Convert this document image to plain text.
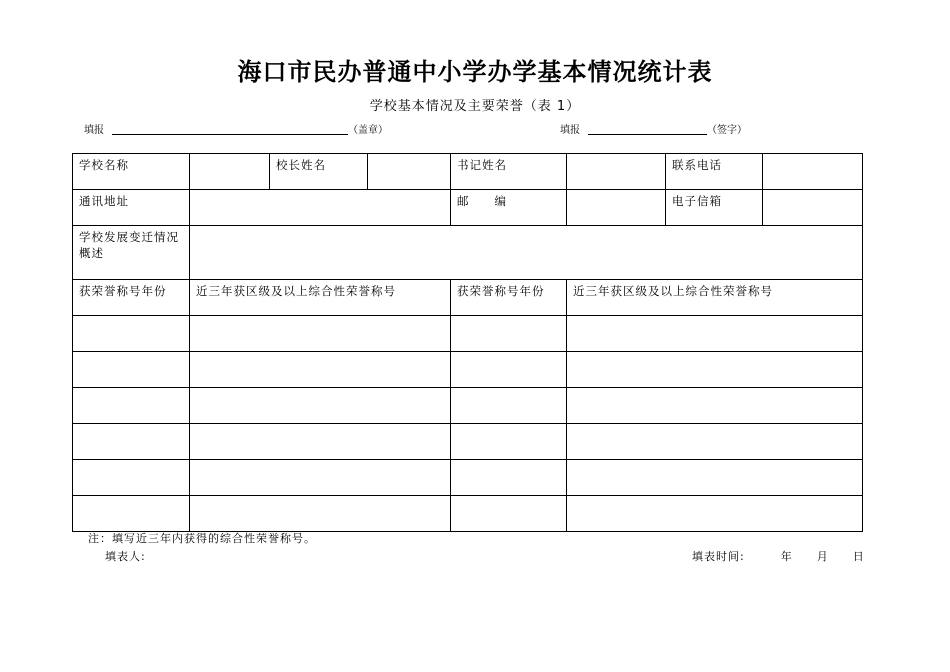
海口市民办普通中小学办学基本情况统计表
学校基本情况及主要荣誉（表 1）
填报	（盖章）	填报	（签字）
学校名称		校长姓名		书记姓名		联系电话	
通讯地址				邮　　编		电子信箱	
学校发展变迁情况概述							
获荣誉称号年份	近三年获区级及以上综合性荣誉称号			获荣誉称号年份	近三年获区级及以上综合性荣誉称号		

注：填写近三年内获得的综合性荣誉称号。
填表人:	填表时间:　　　年　　月　　日
